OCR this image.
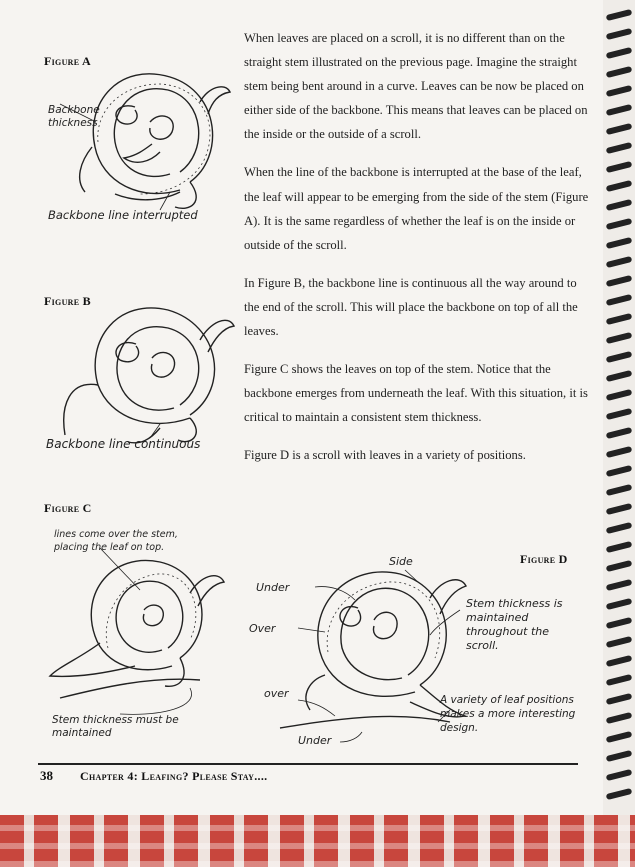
Figure A
Backbone thickness
Backbone line interrupted
Figure B
Backbone line continuous
Figure C
lines come over the stem, placing the leaf on top.
Stem thickness must be maintained

When leaves are placed on a scroll, it is no different than on the straight stem illustrated on the previous page. Imagine the straight stem being bent around in a curve. Leaves can be now be placed on either side of the backbone. This means that leaves can be placed on the inside or the outside of a scroll.

When the line of the backbone is interrupted at the base of the leaf, the leaf will appear to be emerging from the side of the stem (Figure A). It is the same regardless of whether the leaf is on the inside or outside of the scroll.

In Figure B, the backbone line is continuous all the way around to the end of the scroll. This will place the backbone on top of all the leaves.

Figure C shows the leaves on top of the stem. Notice that the backbone emerges from underneath the leaf. With this situation, it is critical to maintain a consistent stem thickness.

Figure D is a scroll with leaves in a variety of positions.

Figure D
Side
Under
Over
over
Under
Stem thickness is maintained throughout the scroll.
A variety of leaf positions makes a more interesting design.
38 Chapter 4: Leafing? Please Stay....
